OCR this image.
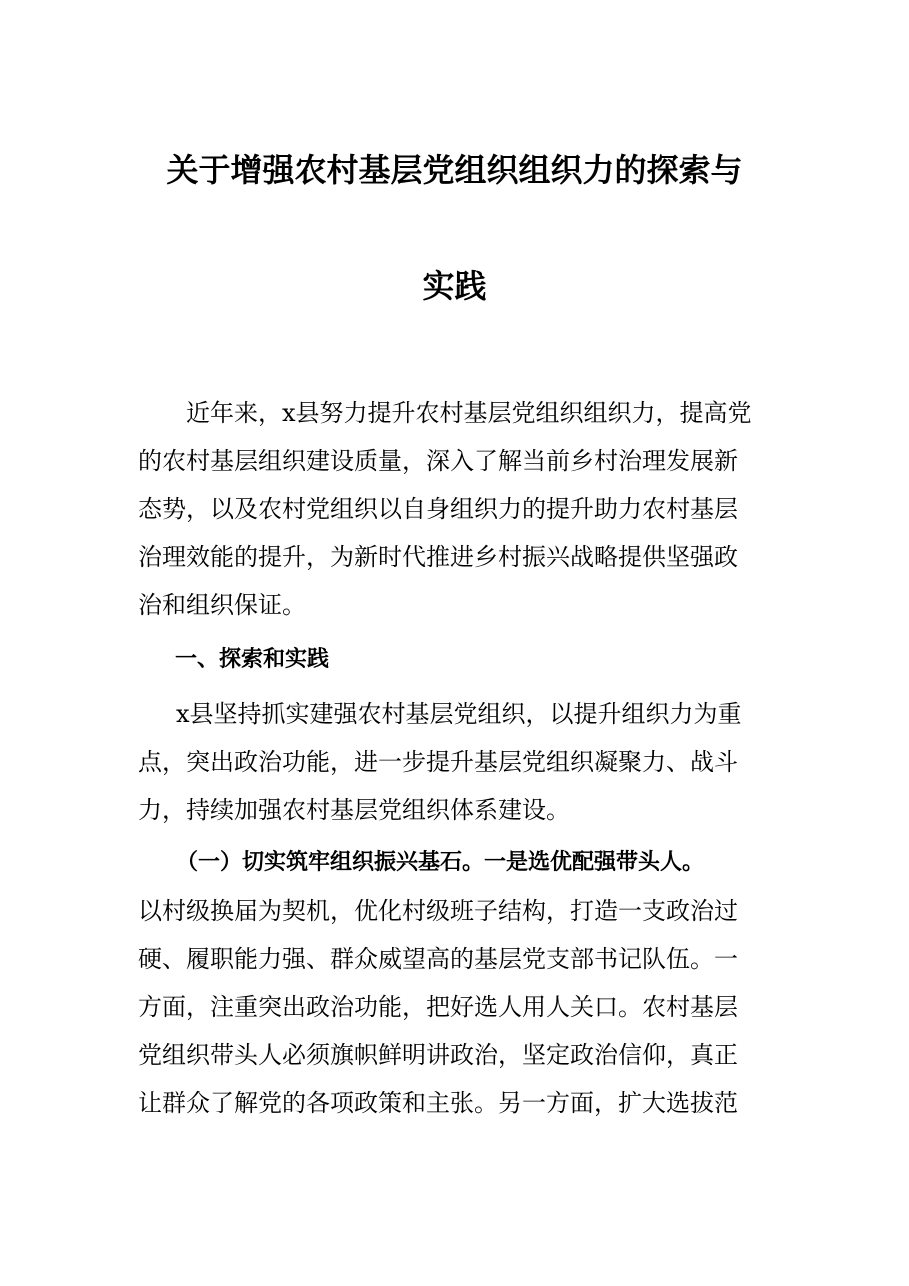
关于增强农村基层党组织组织力的探索与
实践
近年来，x县努力提升农村基层党组织组织力，提高党
的农村基层组织建设质量，深入了解当前乡村治理发展新
态势，以及农村党组织以自身组织力的提升助力农村基层
治理效能的提升，为新时代推进乡村振兴战略提供坚强政
治和组织保证。
一、探索和实践
x县坚持抓实建强农村基层党组织，以提升组织力为重
点，突出政治功能，进一步提升基层党组织凝聚力、战斗
力，持续加强农村基层党组织体系建设。
（一）切实筑牢组织振兴基石。一是选优配强带头人。
以村级换届为契机，优化村级班子结构，打造一支政治过
硬、履职能力强、群众威望高的基层党支部书记队伍。一
方面，注重突出政治功能，把好选人用人关口。农村基层
党组织带头人必须旗帜鲜明讲政治，坚定政治信仰，真正
让群众了解党的各项政策和主张。另一方面，扩大选拔范
